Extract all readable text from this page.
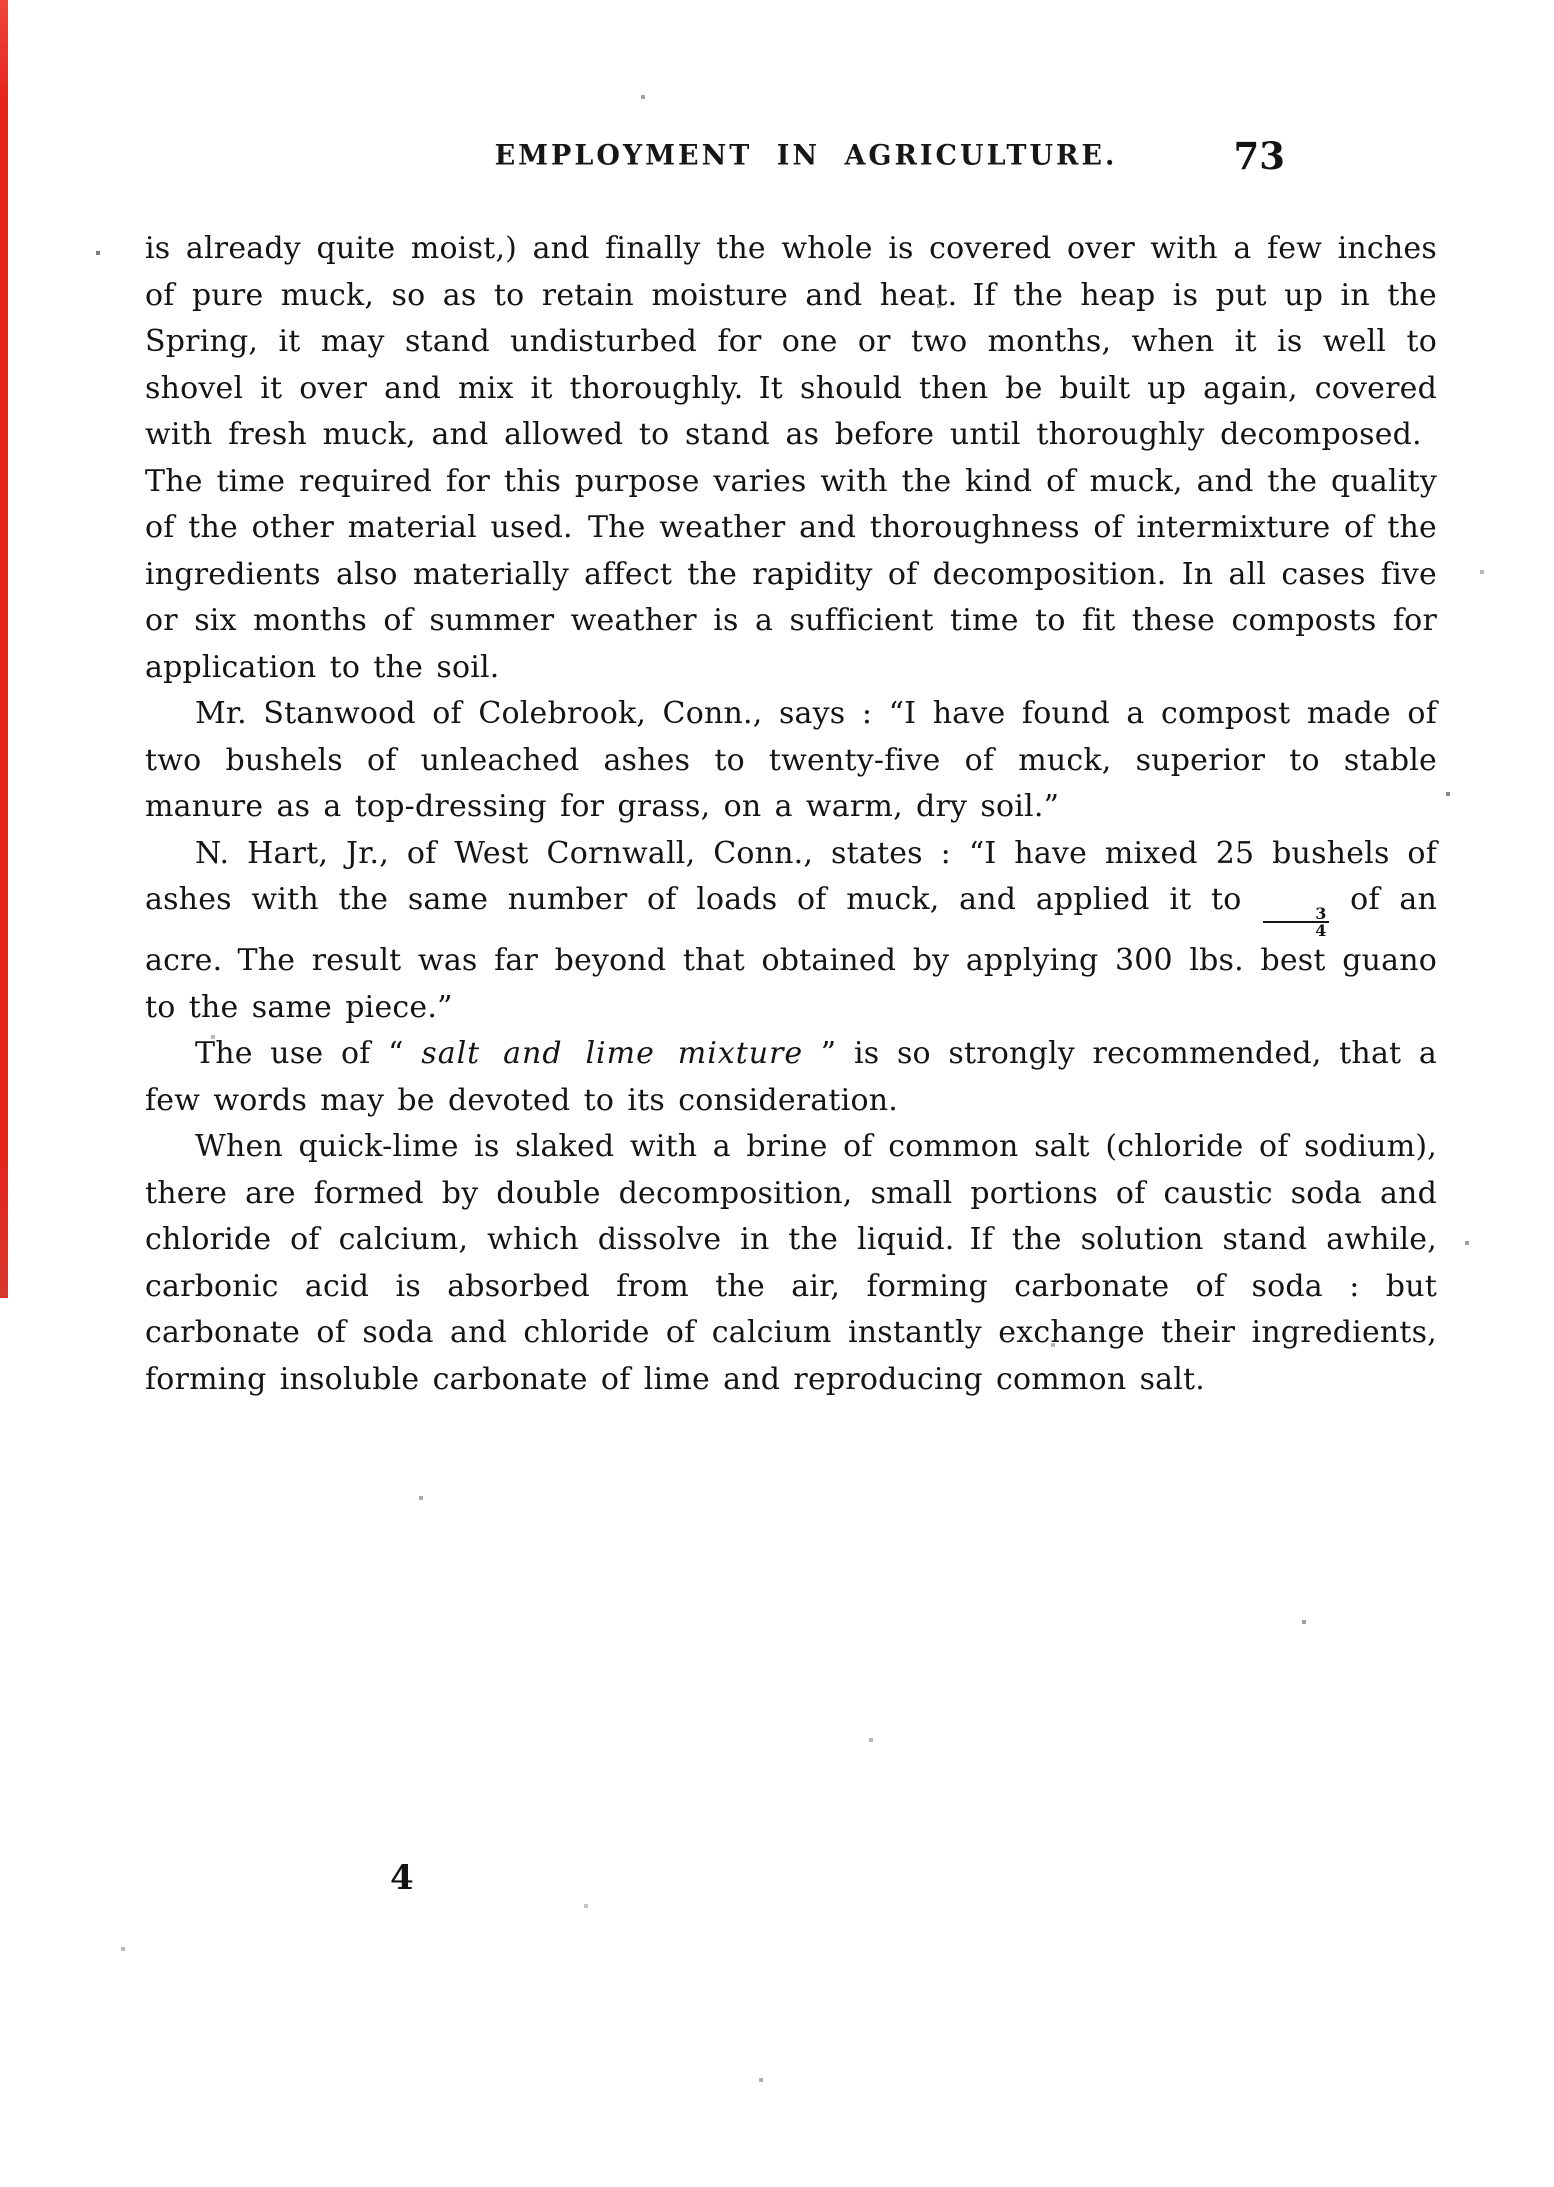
EMPLOYMENT IN AGRICULTURE.	73

is already quite moist,) and finally the whole is covered over with a few inches of pure muck, so as to retain moisture and heat. If the heap is put up in the Spring, it may stand undisturbed for one or two months, when it is well to shovel it over and mix it thoroughly. It should then be built up again, covered with fresh muck, and allowed to stand as before until thoroughly decomposed. The time required for this purpose varies with the kind of muck, and the quality of the other material used. The weather and thoroughness of intermixture of the ingredients also materially affect the rapidity of decomposition. In all cases five or six months of summer weather is a sufficient time to fit these composts for application to the soil.

Mr. Stanwood of Colebrook, Conn., says : “I have found a compost made of two bushels of unleached ashes to twenty-five of muck, superior to stable manure as a top-dressing for grass, on a warm, dry soil.”

N. Hart, Jr., of West Cornwall, Conn., states : “I have mixed 25 bushels of ashes with the same number of loads of muck, and applied it to
$\frac{3}{4}$
of an acre. The result was far beyond that obtained by applying 300 lbs. best guano to the same piece.”

The use of “ salt and lime mixture ” is so strongly recommended, that a few words may be devoted to its consideration.

When quick-lime is slaked with a brine of common salt (chloride of sodium), there are formed by double decomposition, small portions of caustic soda and chloride of calcium, which dissolve in the liquid. If the solution stand awhile, carbonic acid is absorbed from the air, forming carbonate of soda : but carbonate of soda and chloride of calcium instantly exchange their ingredients, forming insoluble carbonate of lime and reproducing common salt.

4
